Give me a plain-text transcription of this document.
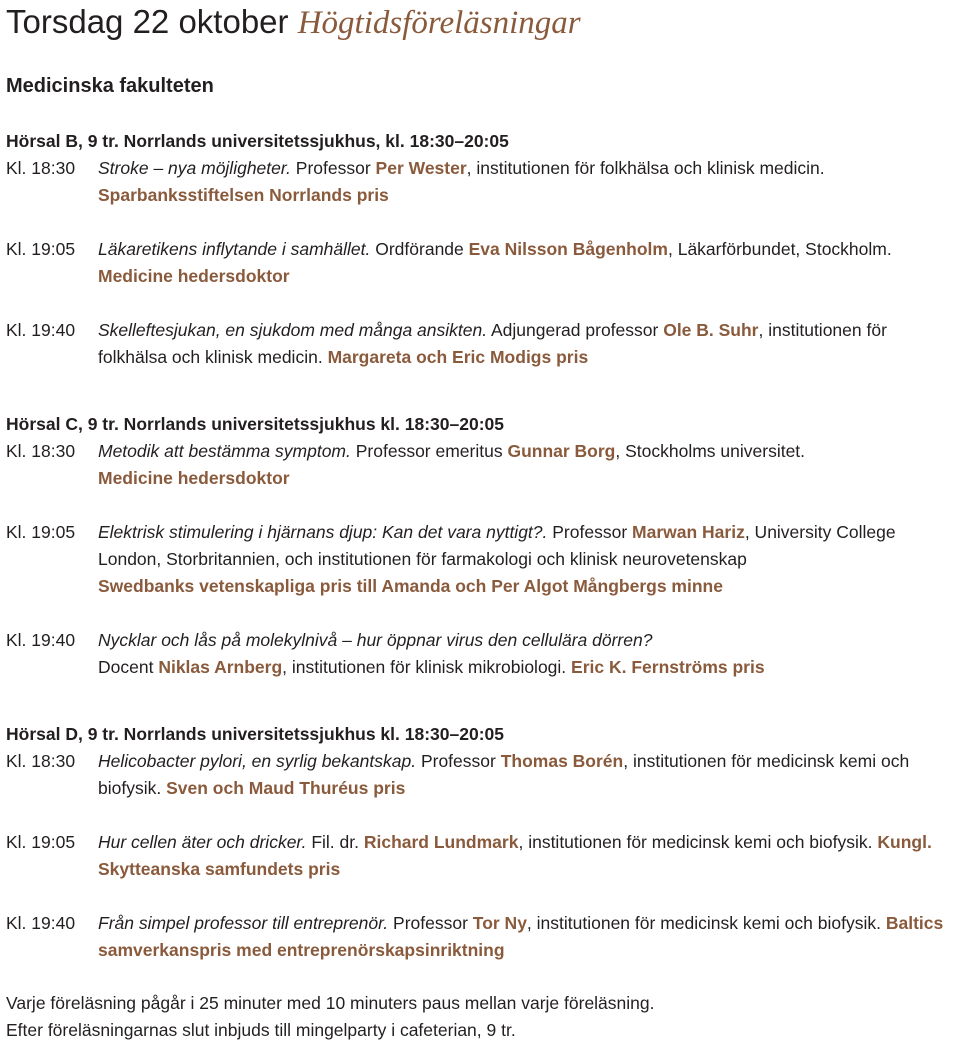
Torsdag 22 oktober Högtidsföreläsningar
Medicinska fakulteten
Hörsal B, 9 tr. Norrlands universitetssjukhus, kl. 18:30–20:05
Kl. 18:30	Stroke – nya möjligheter. Professor Per Wester, institutionen för folkhälsa och klinisk medicin.
Sparbanksstiftelsen Norrlands pris
Kl. 19:05	Läkaretikens inflytande i samhället. Ordförande Eva Nilsson Bågenholm, Läkarförbundet, Stockholm. Medicine hedersdoktor
Kl. 19:40	Skelleftesjukan, en sjukdom med många ansikten. Adjungerad professor Ole B. Suhr, institutionen för folkhälsa och klinisk medicin. Margareta och Eric Modigs pris
Hörsal C, 9 tr. Norrlands universitetssjukhus kl. 18:30–20:05
Kl. 18:30	Metodik att bestämma symptom. Professor emeritus Gunnar Borg, Stockholms universitet.
Medicine hedersdoktor
Kl. 19:05	Elektrisk stimulering i hjärnans djup: Kan det vara nyttigt?. Professor Marwan Hariz, University College London, Storbritannien, och institutionen för farmakologi och klinisk neurovetenskap
Swedbanks vetenskapliga pris till Amanda och Per Algot Mångbergs minne
Kl. 19:40	Nycklar och lås på molekylnivå – hur öppnar virus den cellulära dörren?
Docent Niklas Arnberg, institutionen för klinisk mikrobiologi. Eric K. Fernströms pris
Hörsal D, 9 tr. Norrlands universitetssjukhus kl. 18:30–20:05
Kl. 18:30	Helicobacter pylori, en syrlig bekantskap. Professor Thomas Borén, institutionen för medicinsk kemi och biofysik. Sven och Maud Thuréus pris
Kl. 19:05	Hur cellen äter och dricker. Fil. dr. Richard Lundmark, institutionen för medicinsk kemi och biofysik. Kungl. Skytteanska samfundets pris
Kl. 19:40	Från simpel professor till entreprenör. Professor Tor Ny, institutionen för medicinsk kemi och biofysik. Baltics samverkanspris med entreprenörskapsinriktning
Varje föreläsning pågår i 25 minuter med 10 minuters paus mellan varje föreläsning.
Efter föreläsningarnas slut inbjuds till mingelparty i cafeterian, 9 tr.
